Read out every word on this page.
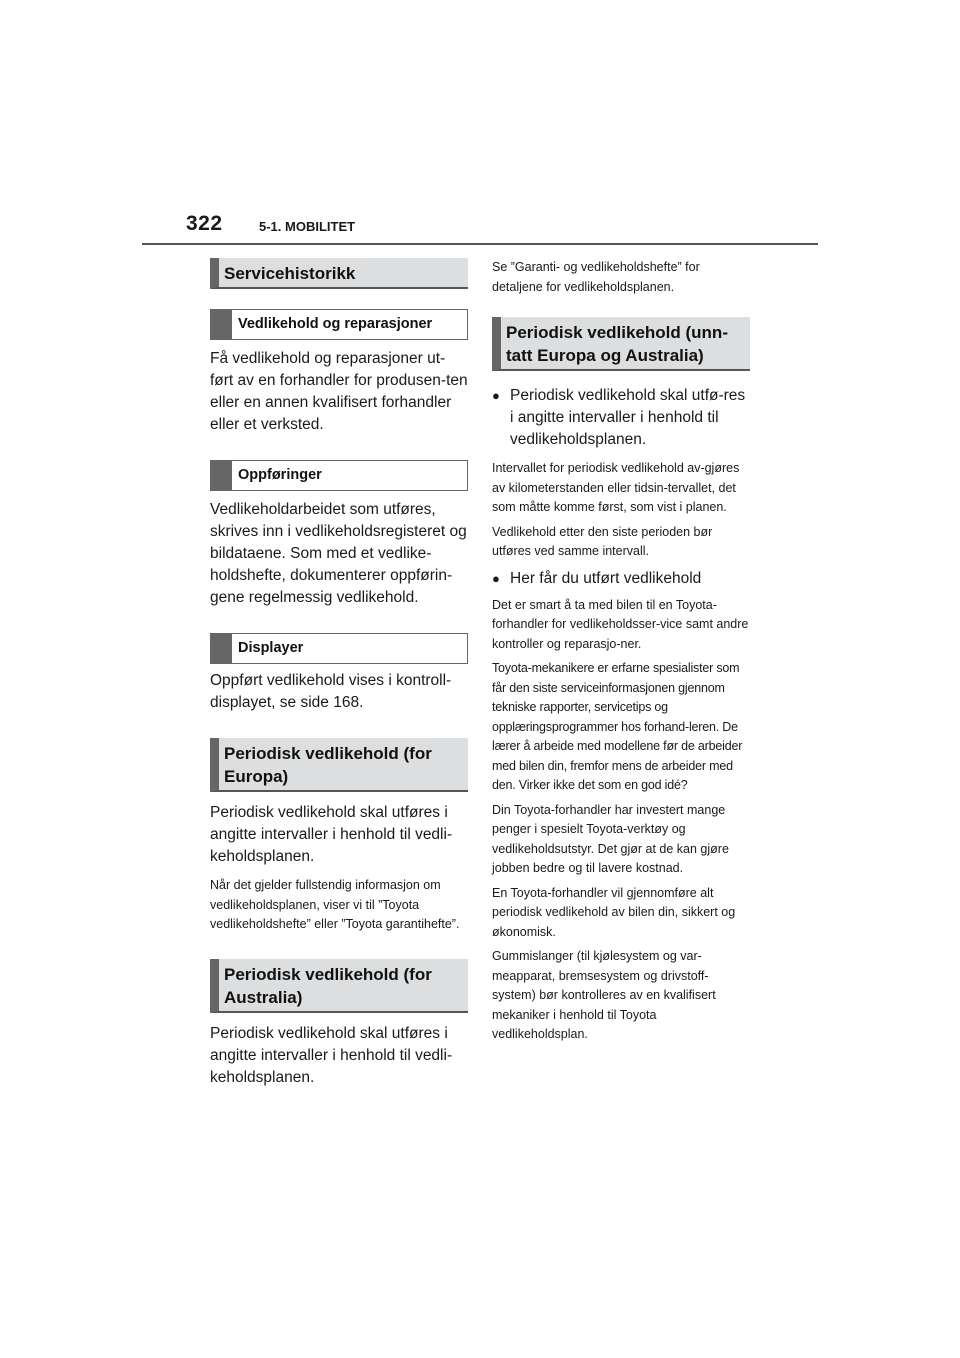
322	5-1. MOBILITET
Servicehistorikk
Vedlikehold og reparasjoner

Få vedlikehold og reparasjoner ut-ført av en forhandler for produsen-ten eller en annen kvalifisert forhandler eller et verksted.

Oppføringer

Vedlikeholdarbeidet som utføres, skrives inn i vedlikeholdsregisteret og bildataene. Som med et vedlike-holdshefte, dokumenterer oppførin-gene regelmessig vedlikehold.

Displayer

Oppført vedlikehold vises i kontroll-displayet, se side 168.

Periodisk vedlikehold (for Europa)

Periodisk vedlikehold skal utføres i angitte intervaller i henhold til vedli-keholdsplanen.

Når det gjelder fullstendig informasjon om vedlikeholdsplanen, viser vi til ”Toyota vedlikeholdshefte” eller ”Toyota garantihefte”.

Periodisk vedlikehold (for Australia)

Periodisk vedlikehold skal utføres i angitte intervaller i henhold til vedli-keholdsplanen.

Se ”Garanti- og vedlikeholdshefte” for detaljene for vedlikeholdsplanen.

Periodisk vedlikehold (unn-tatt Europa og Australia)
● Periodisk vedlikehold skal utfø-res i angitte intervaller i henhold til vedlikeholdsplanen.

Intervallet for periodisk vedlikehold av-gjøres av kilometerstanden eller tidsin-tervallet, det som måtte komme først, som vist i planen.

Vedlikehold etter den siste perioden bør utføres ved samme intervall.

● Her får du utført vedlikehold

Det er smart å ta med bilen til en Toyota-forhandler for vedlikeholdsser-vice samt andre kontroller og reparasjo-ner.

Toyota-mekanikere er erfarne spesialister som får den siste serviceinformasjonen gjennom tekniske rapporter, servicetips og opplæringsprogrammer hos forhand-leren. De lærer å arbeide med modellene før de arbeider med bilen din, fremfor mens de arbeider med den. Virker ikke det som en god idé?

Din Toyota-forhandler har investert mange penger i spesielt Toyota-verktøy og vedlikeholdsutstyr. Det gjør at de kan gjøre jobben bedre og til lavere kostnad.

En Toyota-forhandler vil gjennomføre alt periodisk vedlikehold av bilen din, sikkert og økonomisk.

Gummislanger (til kjølesystem og var-meapparat, bremsesystem og drivstoff-system) bør kontrolleres av en kvalifisert mekaniker i henhold til Toyota vedlikeholdsplan.
